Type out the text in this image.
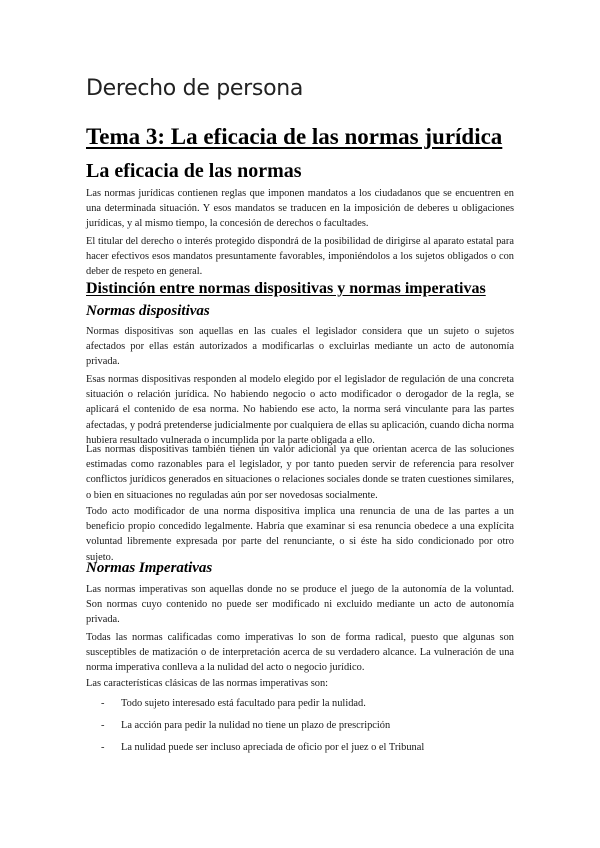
Derecho de persona
Tema 3: La eficacia de las normas jurídica
La eficacia de las normas

Las normas jurídicas contienen reglas que imponen mandatos a los ciudadanos que se encuentren en una determinada situación. Y esos mandatos se traducen en la imposición de deberes u obligaciones jurídicas, y al mismo tiempo, la concesión de derechos o facultades.

El titular del derecho o interés protegido dispondrá de la posibilidad de dirigirse al aparato estatal para hacer efectivos esos mandatos presuntamente favorables, imponiéndolos a los sujetos obligados o con deber de respeto en general.

Distinción entre normas dispositivas y normas imperativas
Normas dispositivas

Normas dispositivas son aquellas en las cuales el legislador considera que un sujeto o sujetos afectados por ellas están autorizados a modificarlas o excluirlas mediante un acto de autonomía privada.

Esas normas dispositivas responden al modelo elegido por el legislador de regulación de una concreta situación o relación jurídica. No habiendo negocio o acto modificador o derogador de la regla, se aplicará el contenido de esa norma. No habiendo ese acto, la norma será vinculante para las partes afectadas, y podrá pretenderse judicialmente por cualquiera de ellas su aplicación, cuando dicha norma hubiera resultado vulnerada o incumplida por la parte obligada a ello.

Las normas dispositivas también tienen un valor adicional ya que orientan acerca de las soluciones estimadas como razonables para el legislador, y por tanto pueden servir de referencia para resolver conflictos jurídicos generados en situaciones o relaciones sociales donde se traten cuestiones similares, o bien en situaciones no reguladas aún por ser novedosas socialmente.

Todo acto modificador de una norma dispositiva implica una renuncia de una de las partes a un beneficio propio concedido legalmente. Habría que examinar si esa renuncia obedece a una explícita voluntad libremente expresada por parte del renunciante, o si éste ha sido condicionado por otro sujeto.

Normas Imperativas

Las normas imperativas son aquellas donde no se produce el juego de la autonomía de la voluntad. Son normas cuyo contenido no puede ser modificado ni excluido mediante un acto de autonomía privada.

Todas las normas calificadas como imperativas lo son de forma radical, puesto que algunas son susceptibles de matización o de interpretación acerca de su verdadero alcance. La vulneración de una norma imperativa conlleva a la nulidad del acto o negocio jurídico.

Las características clásicas de las normas imperativas son:

- Todo sujeto interesado está facultado para pedir la nulidad.
- La acción para pedir la nulidad no tiene un plazo de prescripción
- La nulidad puede ser incluso apreciada de oficio por el juez o el Tribunal
